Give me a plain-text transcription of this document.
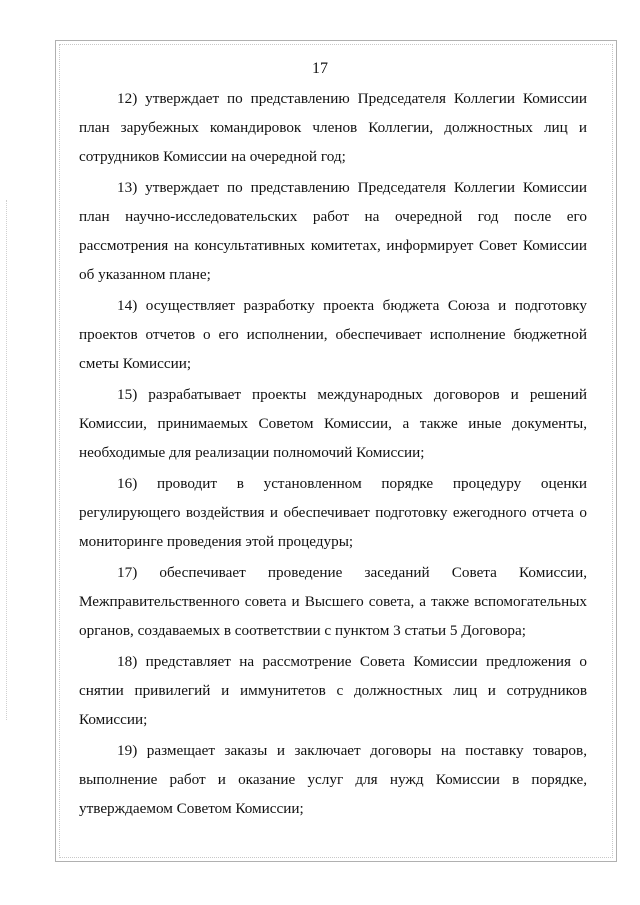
17

12) утверждает по представлению Председателя Коллегии Комиссии план зарубежных командировок членов Коллегии, должностных лиц и сотрудников Комиссии на очередной год;

13) утверждает по представлению Председателя Коллегии Комиссии план научно-исследовательских работ на очередной год после его рассмотрения на консультативных комитетах, информирует Совет Комиссии об указанном плане;

14) осуществляет разработку проекта бюджета Союза и подготовку проектов отчетов о его исполнении, обеспечивает исполнение бюджетной сметы Комиссии;

15) разрабатывает проекты международных договоров и решений Комиссии, принимаемых Советом Комиссии, а также иные документы, необходимые для реализации полномочий Комиссии;

16) проводит в установленном порядке процедуру оценки регулирующего воздействия и обеспечивает подготовку ежегодного отчета о мониторинге проведения этой процедуры;

17) обеспечивает проведение заседаний Совета Комиссии, Межправительственного совета и Высшего совета, а также вспомогательных органов, создаваемых в соответствии с пунктом 3 статьи 5 Договора;

18) представляет на рассмотрение Совета Комиссии предложения о снятии привилегий и иммунитетов с должностных лиц и сотрудников Комиссии;

19) размещает заказы и заключает договоры на поставку товаров, выполнение работ и оказание услуг для нужд Комиссии в порядке, утверждаемом Советом Комиссии;
